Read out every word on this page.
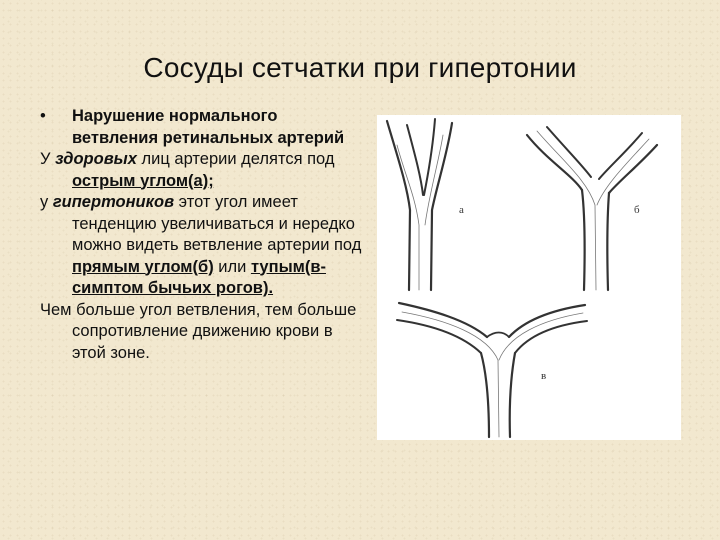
Сосуды сетчатки при гипертонии

• Нарушение нормального ветвления ретинальных артерий

У здоровых лиц артерии делятся под острым углом(а);

у гипертоников этот угол имеет тенденцию увеличиваться и нередко можно видеть ветвление артерии под прямым углом(б) или тупым(в- симптом бычьих рогов).

Чем больше угол ветвления, тем больше сопротивление движению крови в этой зоне.

а	б
в
